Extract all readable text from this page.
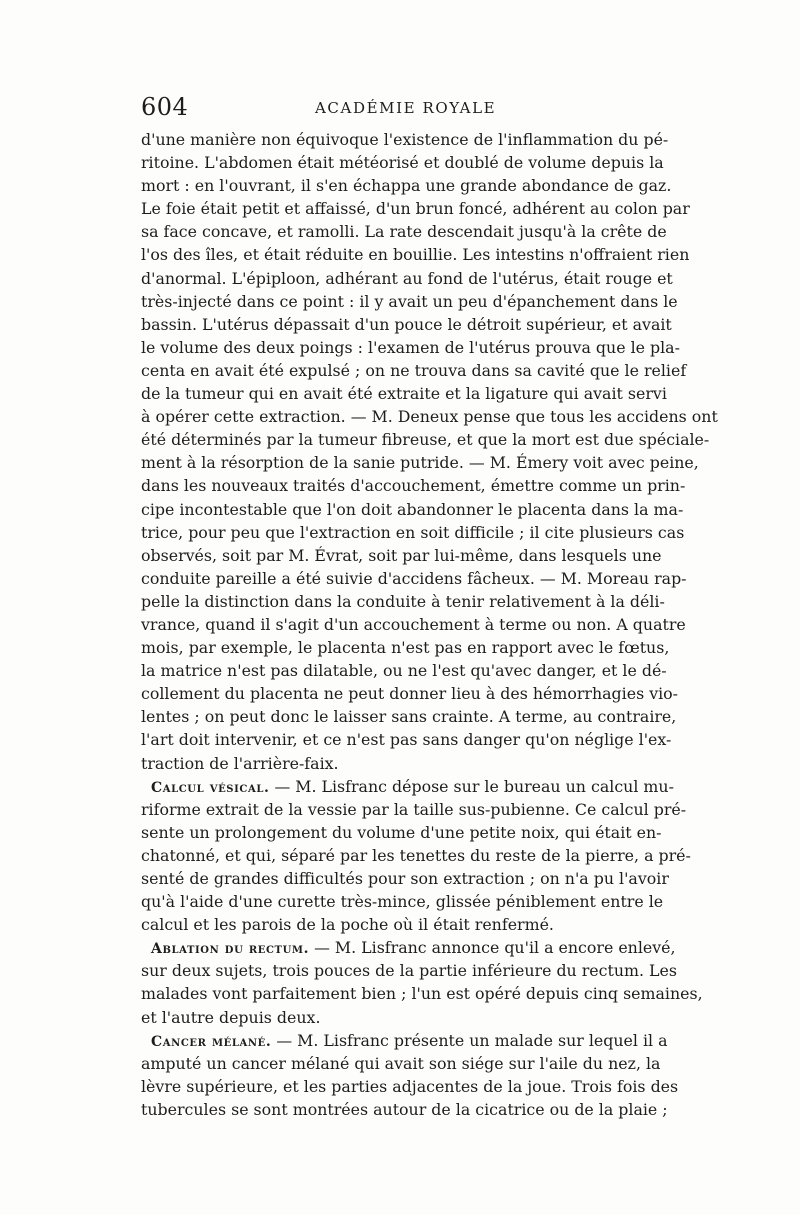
604	ACADÉMIE ROYALE
d'une manière non équivoque l'existence de l'inflammation du pé-
ritoine. L'abdomen était météorisé et doublé de volume depuis la
mort : en l'ouvrant, il s'en échappa une grande abondance de gaz.
Le foie était petit et affaissé, d'un brun foncé, adhérent au colon par
sa face concave, et ramolli. La rate descendait jusqu'à la crête de
l'os des îles, et était réduite en bouillie. Les intestins n'offraient rien
d'anormal. L'épiploon, adhérant au fond de l'utérus, était rouge et
très-injecté dans ce point : il y avait un peu d'épanchement dans le
bassin. L'utérus dépassait d'un pouce le détroit supérieur, et avait
le volume des deux poings : l'examen de l'utérus prouva que le pla-
centa en avait été expulsé ; on ne trouva dans sa cavité que le relief
de la tumeur qui en avait été extraite et la ligature qui avait servi
à opérer cette extraction. — M. Deneux pense que tous les accidens ont
été déterminés par la tumeur fibreuse, et que la mort est due spéciale-
ment à la résorption de la sanie putride. — M. Émery voit avec peine,
dans les nouveaux traités d'accouchement, émettre comme un prin-
cipe incontestable que l'on doit abandonner le placenta dans la ma-
trice, pour peu que l'extraction en soit difficile ; il cite plusieurs cas
observés, soit par M. Évrat, soit par lui-même, dans lesquels une
conduite pareille a été suivie d'accidens fâcheux. — M. Moreau rap-
pelle la distinction dans la conduite à tenir relativement à la déli-
vrance, quand il s'agit d'un accouchement à terme ou non. A quatre
mois, par exemple, le placenta n'est pas en rapport avec le fœtus,
la matrice n'est pas dilatable, ou ne l'est qu'avec danger, et le dé-
collement du placenta ne peut donner lieu à des hémorrhagies vio-
lentes ; on peut donc le laisser sans crainte. A terme, au contraire,
l'art doit intervenir, et ce n'est pas sans danger qu'on néglige l'ex-
traction de l'arrière-faix.
Calcul vésical. — M. Lisfranc dépose sur le bureau un calcul mu-
riforme extrait de la vessie par la taille sus-pubienne. Ce calcul pré-
sente un prolongement du volume d'une petite noix, qui était en-
chatonné, et qui, séparé par les tenettes du reste de la pierre, a pré-
senté de grandes difficultés pour son extraction ; on n'a pu l'avoir
qu'à l'aide d'une curette très-mince, glissée péniblement entre le
calcul et les parois de la poche où il était renfermé.
Ablation du rectum. — M. Lisfranc annonce qu'il a encore enlevé,
sur deux sujets, trois pouces de la partie inférieure du rectum. Les
malades vont parfaitement bien ; l'un est opéré depuis cinq semaines,
et l'autre depuis deux.
Cancer mélané. — M. Lisfranc présente un malade sur lequel il a
amputé un cancer mélané qui avait son siége sur l'aile du nez, la
lèvre supérieure, et les parties adjacentes de la joue. Trois fois des
tubercules se sont montrées autour de la cicatrice ou de la plaie ;
